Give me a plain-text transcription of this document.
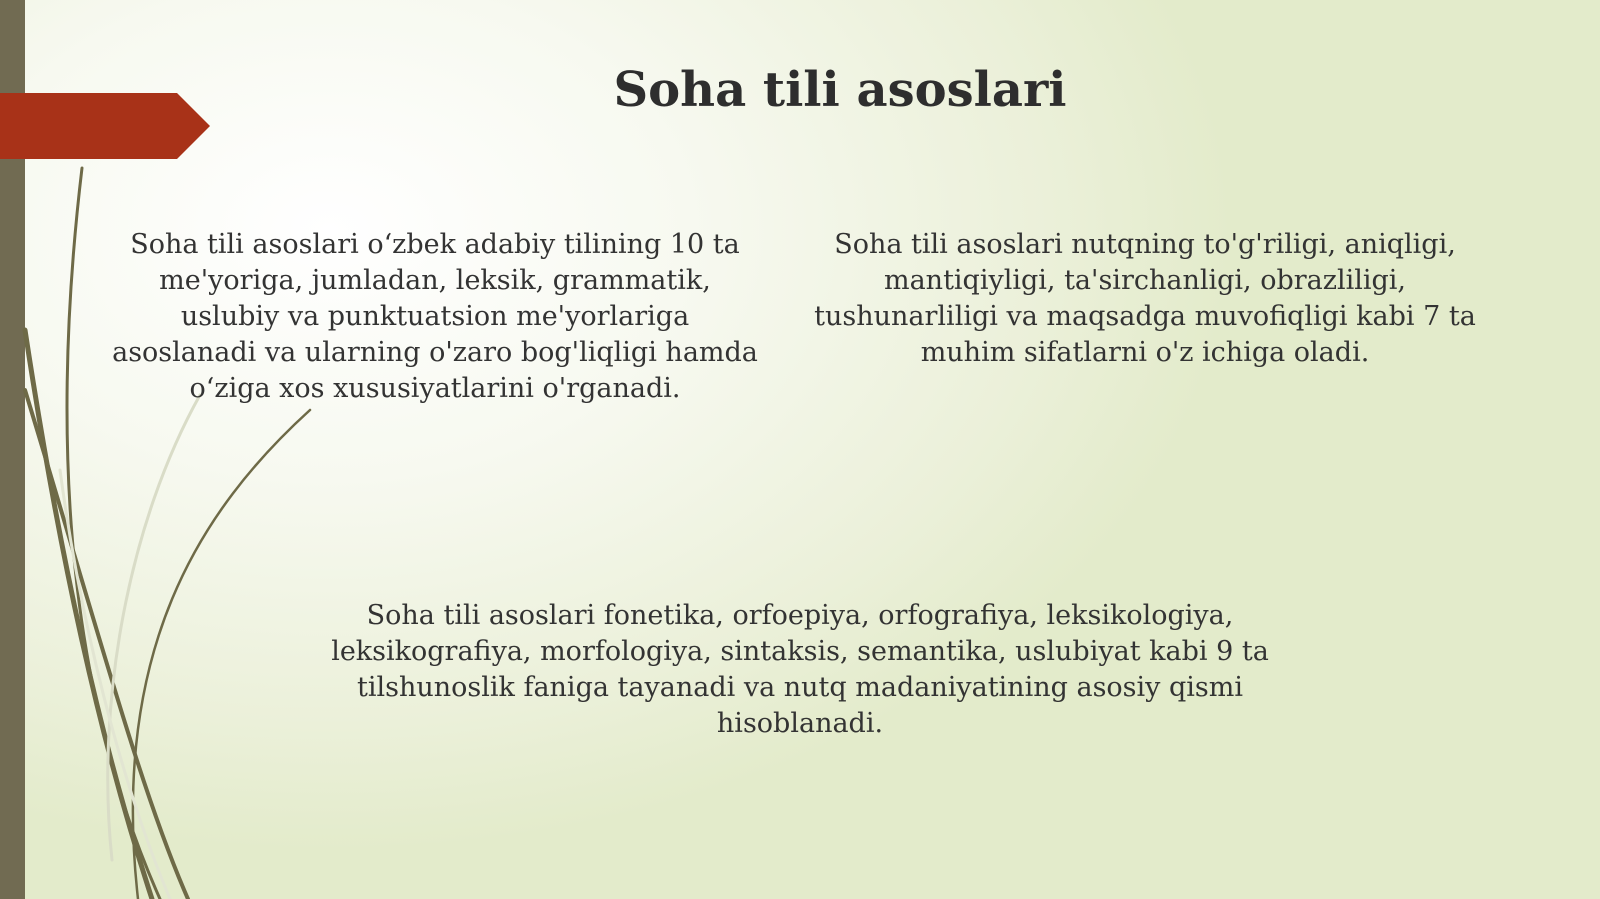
Soha tili asoslari

Soha tili asoslari o‘zbek adabiy tilining 10 ta me'yoriga, jumladan, leksik, grammatik, uslubiy va punktuatsion me'yorlariga asoslanadi va ularning o'zaro bog'liqligi hamda o‘ziga xos xususiyatlarini o'rganadi.

Soha tili asoslari nutqning to'g'riligi, aniqligi, mantiqiyligi, ta'sirchanligi, obrazliligi, tushunarliligi va maqsadga muvofiqligi kabi 7 ta muhim sifatlarni o'z ichiga oladi.

Soha tili asoslari fonetika, orfoepiya, orfografiya, leksikologiya, leksikografiya, morfologiya, sintaksis, semantika, uslubiyat kabi 9 ta tilshunoslik faniga tayanadi va nutq madaniyatining asosiy qismi hisoblanadi.
